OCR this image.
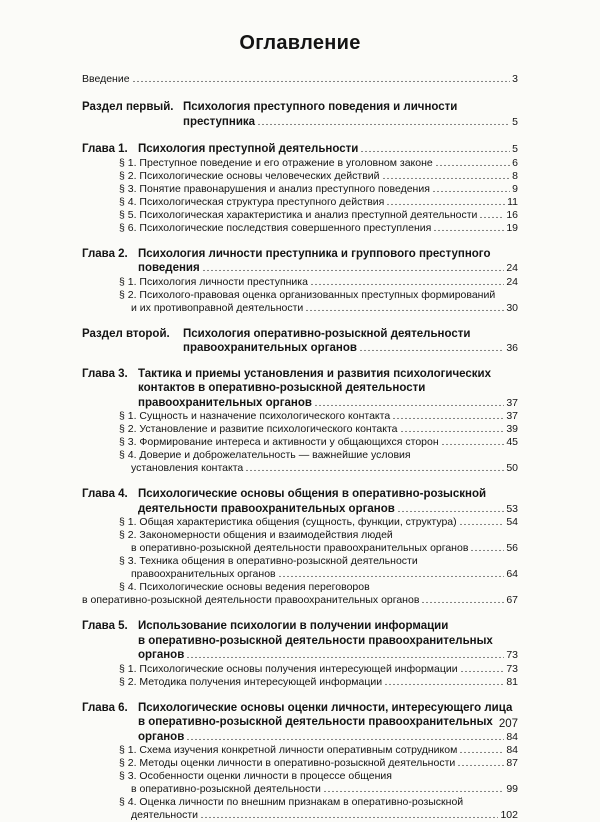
Оглавление
Введение	3
Раздел первый. Психология преступного поведения и личности
преступника	5
Глава 1. Психология преступной деятельности	5
§ 1. Преступное поведение и его отражение в уголовном законе	6
§ 2. Психологические основы человеческих действий	8
§ 3. Понятие правонарушения и анализ преступного поведения	9
§ 4. Психологическая структура преступного действия	11
§ 5. Психологическая характеристика и анализ преступной деятельности	16
§ 6. Психологические последствия совершенного преступления	19
Глава 2. Психология личности преступника и группового преступного
поведения	24
§ 1. Психология личности преступника	24
§ 2. Психолого-правовая оценка организованных преступных формирований
и их противоправной деятельности	30
Раздел второй.	Психология оперативно-розыскной деятельности
правоохранительных органов	36
Глава 3. Тактика и приемы установления и развития психологических
контактов в оперативно-розыскной деятельности
правоохранительных органов	37
§ 1. Сущность и назначение психологического контакта	37
§ 2. Установление и развитие психологического контакта	39
§ 3. Формирование интереса и активности у общающихся сторон	45
§ 4. Доверие и доброжелательность — важнейшие условия
установления контакта	50
Глава 4. Психологические основы общения в оперативно-розыскной
деятельности правоохранительных органов	53
§ 1. Общая характеристика общения (сущность, функции, структура)	54
§ 2. Закономерности общения и взаимодействия людей
в оперативно-розыскной деятельности правоохранительных органов	56
§ 3. Техника общения в оперативно-розыскной деятельности
правоохранительных органов	64
§ 4. Психологические основы ведения переговоров
в оперативно-розыскной деятельности правоохранительных органов	67
Глава 5. Использование психологии в получении информации
в оперативно-розыскной деятельности правоохранительных
органов	73
§ 1. Психологические основы получения интересующей информации	73
§ 2. Методика получения интересующей информации	81
Глава 6. Психологические основы оценки личности, интересующего лица
в оперативно-розыскной деятельности правоохранительных
органов	84
§ 1. Схема изучения конкретной личности оперативным сотрудником	84
§ 2. Методы оценки личности в оперативно-розыскной деятельности	87
§ 3. Особенности оценки личности в процессе общения
в оперативно-розыскной деятельности	99
§ 4. Оценка личности по внешним признакам в оперативно-розыскной
деятельности	102
207
